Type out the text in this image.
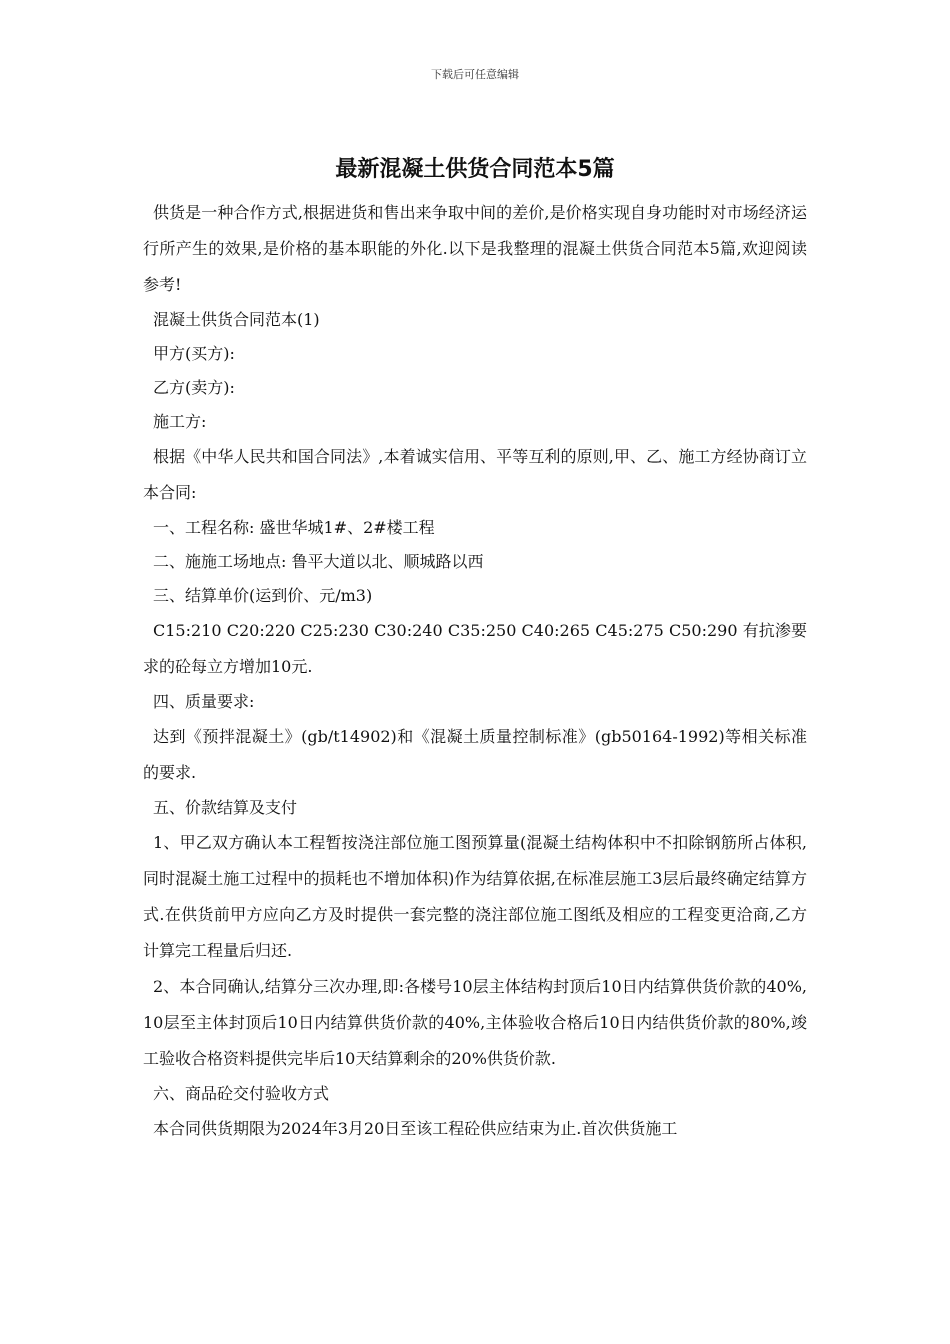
下载后可任意编辑
最新混凝土供货合同范本5篇

供货是一种合作方式,根据进货和售出来争取中间的差价,是价格实现自身功能时对市场经济运行所产生的效果,是价格的基本职能的外化.以下是我整理的混凝土供货合同范本5篇,欢迎阅读参考!

混凝土供货合同范本(1)

甲方(买方):

乙方(卖方):

施工方:

根据《中华人民共和国合同法》,本着诚实信用、平等互利的原则,甲、乙、施工方经协商订立本合同:

一、工程名称: 盛世华城1#、2#楼工程

二、施施工场地点: 鲁平大道以北、顺城路以西

三、结算单价(运到价、元/m3)

C15:210 C20:220 C25:230 C30:240 C35:250 C40:265 C45:275 C50:290 有抗渗要求的砼每立方增加10元.

四、质量要求:

达到《预拌混凝土》(gb/t14902)和《混凝土质量控制标准》(gb50164-1992)等相关标准的要求.

五、价款结算及支付

1、甲乙双方确认本工程暂按浇注部位施工图预算量(混凝土结构体积中不扣除钢筋所占体积,同时混凝土施工过程中的损耗也不增加体积)作为结算依据,在标准层施工3层后最终确定结算方式.在供货前甲方应向乙方及时提供一套完整的浇注部位施工图纸及相应的工程变更洽商,乙方计算完工程量后归还.

2、本合同确认,结算分三次办理,即:各楼号10层主体结构封顶后10日内结算供货价款的40%,10层至主体封顶后10日内结算供货价款的40%,主体验收合格后10日内结供货价款的80%,竣工验收合格资料提供完毕后10天结算剩余的20%供货价款.

六、商品砼交付验收方式

本合同供货期限为2024年3月20日至该工程砼供应结束为止.首次供货施工
